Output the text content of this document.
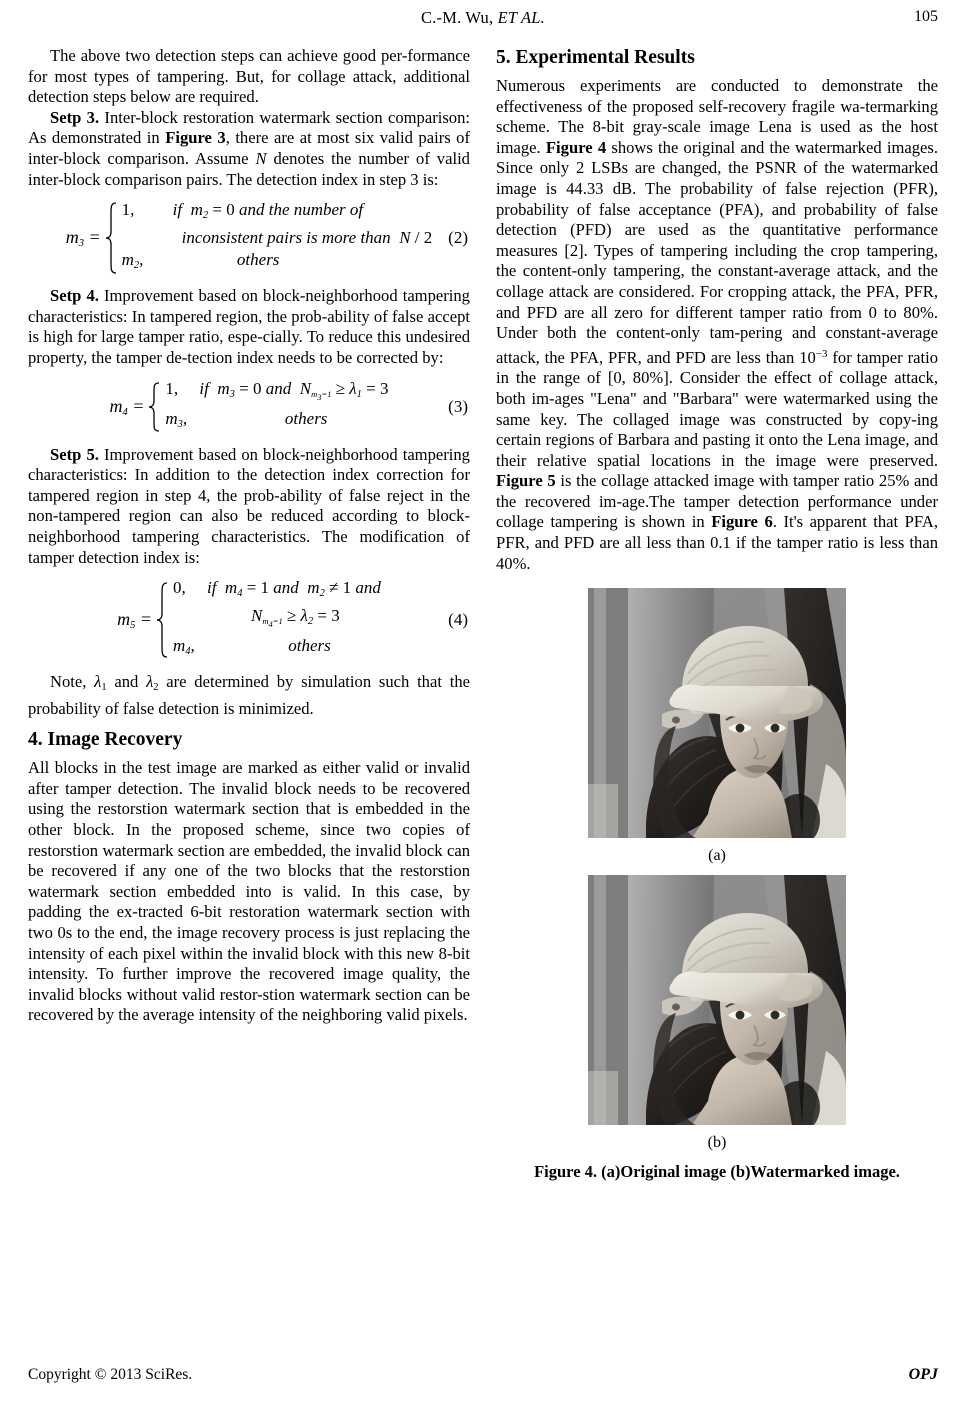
C.-M. Wu, ET AL.	105

The above two detection steps can achieve good per-formance for most types of tampering. But, for collage attack, additional detection steps below are required.

Setp 3. Inter-block restoration watermark section comparison: As demonstrated in Figure 3, there are at most six valid pairs of inter-block comparison. Assume N denotes the number of valid inter-block comparison pairs. The detection index in step 3 is:

$m_3$ =
1, if $m_2 = 0$ and the number of
inconsistent pairs is more than N / 2
$m_2$,                      others
(2)

Setp 4. Improvement based on block-neighborhood tampering characteristics: In tampered region, the prob-ability of false accept is high for large tamper ratio, espe-cially. To reduce this undesired property, the tamper de-tection index needs to be corrected by:

$m_4$ =
1, if $m_3 = 0$ and $N_{m_3=1} \ge \lambda_1 = 3$
$m_3$,                       others
(3)

Setp 5. Improvement based on block-neighborhood tampering characteristics: In addition to the detection index correction for tampered region in step 4, the prob-ability of false reject in the non-tampered region can also be reduced according to block-neighborhood tampering characteristics. The modification of tamper detection index is:

$m_5$ =
0, if $m_4 = 1$ and $m_2 \ne 1$ and
$N_{m_4=1} \ge \lambda_2 = 3$
$m_4$,                      others
(4)

Note, $\lambda_1$ and $\lambda_2$ are determined by simulation such that the probability of false detection is minimized.

4. Image Recovery

All blocks in the test image are marked as either valid or invalid after tamper detection. The invalid block needs to be recovered using the restorstion watermark section that is embedded in the other block. In the proposed scheme, since two copies of restorstion watermark section are embedded, the invalid block can be recovered if any one of the two blocks that the restorstion watermark section embedded into is valid. In this case, by padding the ex-tracted 6-bit restoration watermark section with two 0s to the end, the image recovery process is just replacing the intensity of each pixel within the invalid block with this new 8-bit intensity. To further improve the recovered image quality, the invalid blocks without valid restor-stion watermark section can be recovered by the average intensity of the neighboring valid pixels.

5. Experimental Results

Numerous experiments are conducted to demonstrate the effectiveness of the proposed self-recovery fragile wa-termarking scheme. The 8-bit gray-scale image Lena is used as the host image. Figure 4 shows the original and the watermarked images. Since only 2 LSBs are changed, the PSNR of the watermarked image is 44.33 dB. The probability of false rejection (PFR), probability of false acceptance (PFA), and probability of false detection (PFD) are used as the quantitative performance measures [2]. Types of tampering including the crop tampering, the content-only tampering, the constant-average attack, and the collage attack are considered. For cropping attack, the PFA, PFR, and PFD are all zero for different tamper ratio from 0 to 80%. Under both the content-only tam-pering and constant-average attack, the PFA, PFR, and PFD are less than $10^{-3}$ for tamper ratio in the range of [0, 80%]. Consider the effect of collage attack, both im-ages "Lena" and "Barbara" were watermarked using the same key. The collaged image was constructed by copy-ing certain regions of Barbara and pasting it onto the Lena image, and their relative spatial locations in the image were preserved. Figure 5 is the collage attacked image with tamper ratio 25% and the recovered im-age.The tamper detection performance under collage tampering is shown in Figure 6. It's apparent that PFA, PFR, and PFD are all less than 0.1 if the tamper ratio is less than 40%.

(a)
(b)
Figure 4. (a)Original image (b)Watermarked image.
Copyright © 2013 SciRes.	OPJ
